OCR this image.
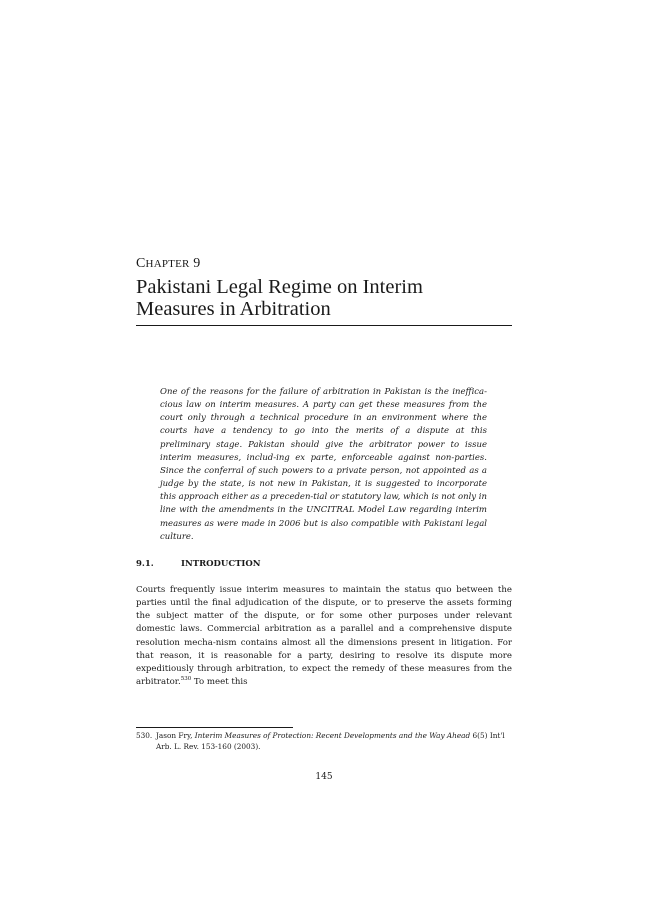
CHAPTER 9
Pakistani Legal Regime on Interim
Measures in Arbitration

One of the reasons for the failure of arbitration in Pakistan is the ineffica-cious law on interim measures. A party can get these measures from the court only through a technical procedure in an environment where the courts have a tendency to go into the merits of a dispute at this preliminary stage. Pakistan should give the arbitrator power to issue interim measures, includ-ing ex parte, enforceable against non-parties. Since the conferral of such powers to a private person, not appointed as a judge by the state, is not new in Pakistan, it is suggested to incorporate this approach either as a preceden-tial or statutory law, which is not only in line with the amendments in the UNCITRAL Model Law regarding interim measures as were made in 2006 but is also compatible with Pakistani legal culture.

9.1.	INTRODUCTION

Courts frequently issue interim measures to maintain the status quo between the parties until the final adjudication of the dispute, or to preserve the assets forming the subject matter of the dispute, or for some other purposes under relevant domestic laws. Commercial arbitration as a parallel and a comprehensive dispute resolution mecha-nism contains almost all the dimensions present in litigation. For that reason, it is reasonable for a party, desiring to resolve its dispute more expeditiously through arbitration, to expect the remedy of these measures from the arbitrator.$^{530}$ To meet this

530. Jason Fry, Interim Measures of Protection: Recent Developments and the Way Ahead 6(5) Int'l Arb. L. Rev. 153-160 (2003).

145
